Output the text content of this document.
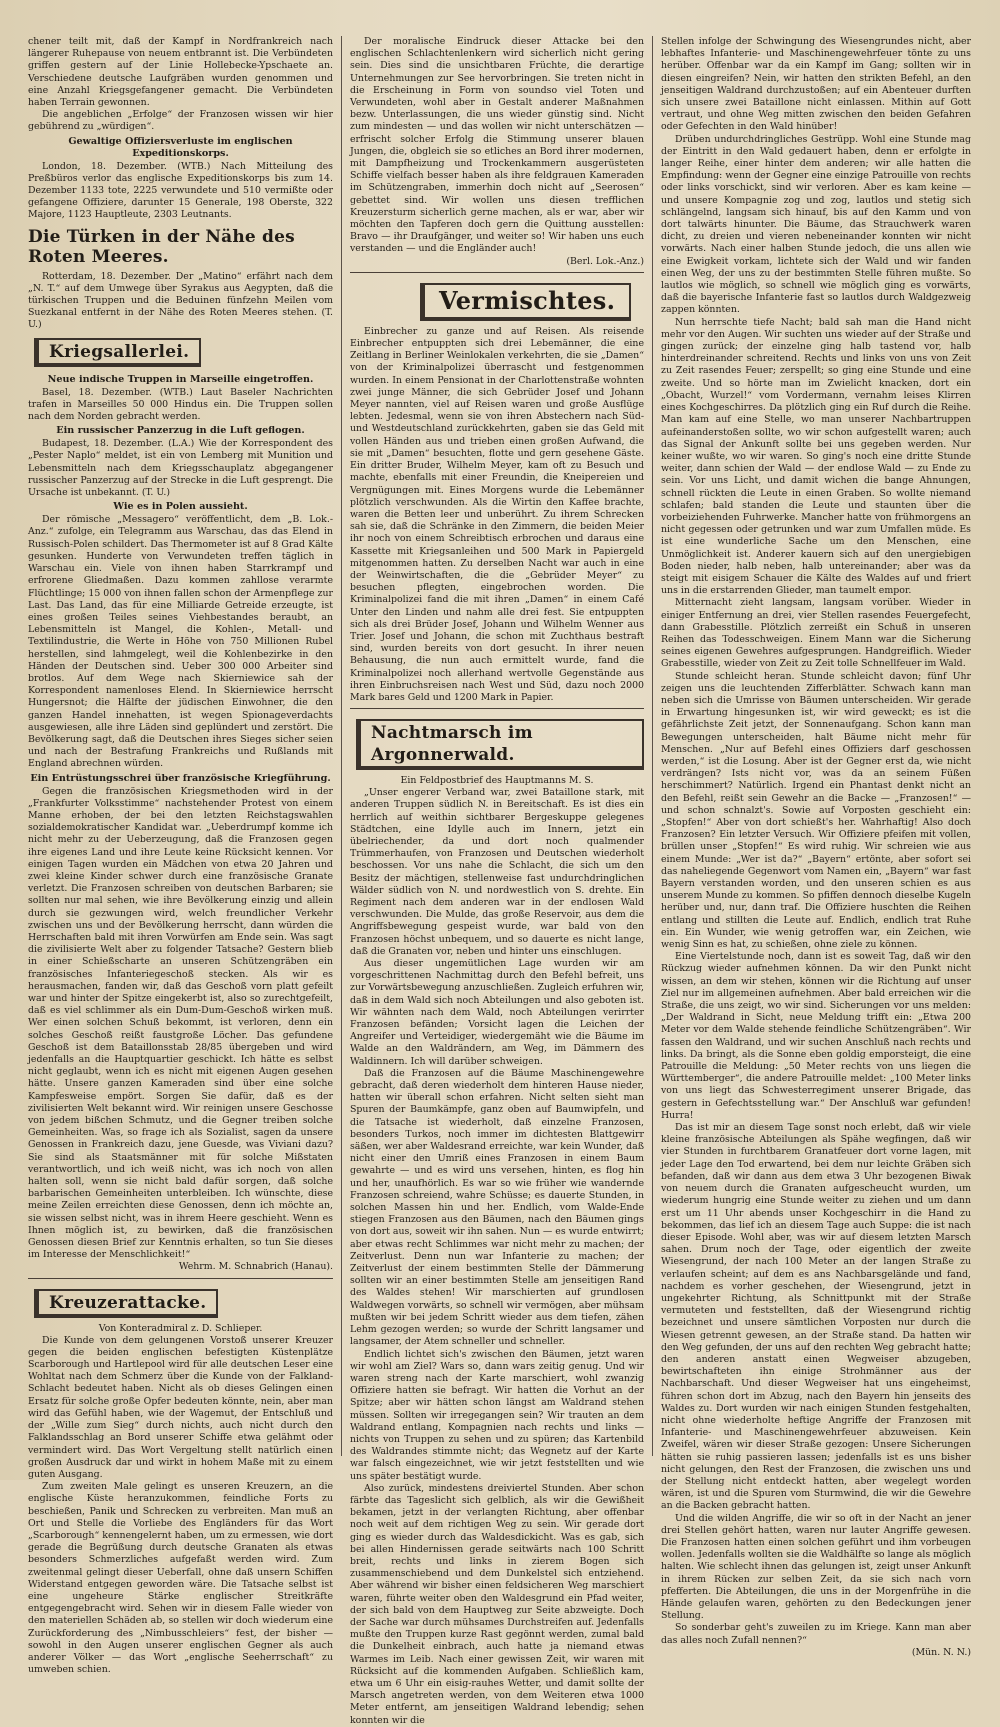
chener teilt mit, daß der Kampf in Nordfrankreich nach längerer Ruhepause von neuem entbrannt ist. Die Verbündeten griffen gestern auf der Linie Hollebecke-Ypschaete an. Verschiedene deutsche Laufgräben wurden genommen und eine Anzahl Kriegsgefangener gemacht. Die Verbündeten haben Terrain gewonnen.

Die angeblichen „Erfolge“ der Franzosen wissen wir hier gebührend zu „würdigen“.

Gewaltige Offiziersverluste im englischen Expeditionskorps.

London, 18. Dezember. (WTB.) Nach Mitteilung des Preßbüros verlor das englische Expeditionskorps bis zum 14. Dezember 1133 tote, 2225 verwundete und 510 vermißte oder gefangene Offiziere, darunter 15 Generale, 198 Oberste, 322 Majore, 1123 Hauptleute, 2303 Leutnants.

Die Türken in der Nähe des Roten Meeres.

Rotterdam, 18. Dezember. Der „Matino“ erfährt nach dem „N. T.“ auf dem Umwege über Syrakus aus Aegypten, daß die türkischen Truppen und die Beduinen fünfzehn Meilen vom Suezkanal entfernt in der Nähe des Roten Meeres stehen. (T. U.)

Kriegsallerlei.
Neue indische Truppen in Marseille eingetroffen.

Basel, 18. Dezember. (WTB.) Laut Baseler Nachrichten trafen in Marseilles 50 000 Hindus ein. Die Truppen sollen nach dem Norden gebracht werden.

Ein russischer Panzerzug in die Luft geflogen.

Budapest, 18. Dezember. (L.A.) Wie der Korrespondent des „Pester Naplo“ meldet, ist ein von Lemberg mit Munition und Lebensmitteln nach dem Kriegsschauplatz abgegangener russischer Panzerzug auf der Strecke in die Luft gesprengt. Die Ursache ist unbekannt. (T. U.)

Wie es in Polen aussieht.

Der römische „Messagero“ veröffentlicht, dem „B. Lok.-Anz.“ zufolge, ein Telegramm aus Warschau, das das Elend in Russisch-Polen schildert. Das Thermometer ist auf 8 Grad Kälte gesunken. Hunderte von Verwundeten treffen täglich in Warschau ein. Viele von ihnen haben Starrkrampf und erfrorene Gliedmaßen. Dazu kommen zahllose verarmte Flüchtlinge; 15 000 von ihnen fallen schon der Armenpflege zur Last. Das Land, das für eine Milliarde Getreide erzeugte, ist eines großen Teiles seines Viehbestandes beraubt, an Lebensmitteln ist Mangel, die Kohlen-, Metall- und Textilindustrie, die Werte in Höhe von 750 Millionen Rubel herstellen, sind lahmgelegt, weil die Kohlenbezirke in den Händen der Deutschen sind. Ueber 300 000 Arbeiter sind brotlos. Auf dem Wege nach Skierniewice sah der Korrespondent namenloses Elend. In Skierniewice herrscht Hungersnot; die Hälfte der jüdischen Einwohner, die den ganzen Handel innehatten, ist wegen Spionageverdachts ausgewiesen, alle ihre Läden sind geplündert und zerstört. Die Bevölkerung sagt, daß die Deutschen ihres Sieges sicher seien und nach der Bestrafung Frankreichs und Rußlands mit England abrechnen würden.

Ein Entrüstungsschrei über französische Kriegführung.

Gegen die französischen Kriegsmethoden wird in der „Frankfurter Volksstimme“ nachstehender Protest von einem Manne erhoben, der bei den letzten Reichstagswahlen sozialdemokratischer Kandidat war. „Ueberdrumpf komme ich nicht mehr zu der Ueberzeugung, daß die Franzosen gegen ihre eigenes Land und ihre Leute keine Rücksicht kennen. Vor einigen Tagen wurden ein Mädchen von etwa 20 Jahren und zwei kleine Kinder schwer durch eine französische Granate verletzt. Die Franzosen schreiben von deutschen Barbaren; sie sollten nur mal sehen, wie ihre Bevölkerung einzig und allein durch sie gezwungen wird, welch freundlicher Verkehr zwischen uns und der Bevölkerung herrscht, dann würden die Herrschaften bald mit ihren Vorwürfen am Ende sein. Was sagt die zivilisierte Welt aber zu folgender Tatsache? Gestern blieb in einer Schießscharte an unseren Schützengräben ein französisches Infanteriegeschoß stecken. Als wir es herausmachen, fanden wir, daß das Geschoß vorn platt gefeilt war und hinter der Spitze eingekerbt ist, also so zurechtgefeilt, daß es viel schlimmer als ein Dum-Dum-Geschoß wirken muß. Wer einen solchen Schuß bekommt, ist verloren, denn ein solches Geschoß reißt faustgroße Löcher. Das gefundene Geschoß ist dem Bataillonsstab 28/85 übergeben und wird jedenfalls an die Hauptquartier geschickt. Ich hätte es selbst nicht geglaubt, wenn ich es nicht mit eigenen Augen gesehen hätte. Unsere ganzen Kameraden sind über eine solche Kampfesweise empört. Sorgen Sie dafür, daß es der zivilisierten Welt bekannt wird. Wir reinigen unsere Geschosse von jedem bißchen Schmutz, und die Gegner treiben solche Gemeinheiten. Was, so frage ich als Sozialist, sagen da unsere Genossen in Frankreich dazu, jene Guesde, was Viviani dazu? Sie sind als Staatsmänner mit für solche Mißstaten verantwortlich, und ich weiß nicht, was ich noch von allen halten soll, wenn sie nicht bald dafür sorgen, daß solche barbarischen Gemeinheiten unterbleiben. Ich wünschte, diese meine Zeilen erreichten diese Genossen, denn ich möchte an, sie wissen selbst nicht, was in ihrem Heere geschieht. Wenn es Ihnen möglich ist, zu bewirken, daß die französischen Genossen diesen Brief zur Kenntnis erhalten, so tun Sie dieses im Interesse der Menschlichkeit!“

Wehrm. M. Schnabrich (Hanau).

Kreuzerattacke.
Von Konteradmiral z. D. Schlieper.

Die Kunde von dem gelungenen Vorstoß unserer Kreuzer gegen die beiden englischen befestigten Küstenplätze Scarborough und Hartlepool wird für alle deutschen Leser eine Wohltat nach dem Schmerz über die Kunde von der Falkland-Schlacht bedeutet haben. Nicht als ob dieses Gelingen einen Ersatz für solche große Opfer bedeuten könnte, nein, aber man wird das Gefühl haben, wie der Wagemut, der Entschluß und der „Wille zum Sieg“ durch nichts, auch nicht durch den Falklandsschlag an Bord unserer Schiffe etwa gelähmt oder vermindert wird. Das Wort Vergeltung stellt natürlich einen großen Ausdruck dar und wirkt in hohem Maße mit zu einem guten Ausgang.

Zum zweiten Male gelingt es unseren Kreuzern, an die englische Küste heranzukommen, feindliche Forts zu beschießen, Panik und Schrecken zu verbreiten. Man muß an Ort und Stelle die Vorliebe des Engländers für das Wort „Scarborough“ kennengelernt haben, um zu ermessen, wie dort gerade die Begrüßung durch deutsche Granaten als etwas besonders Schmerzliches aufgefaßt werden wird. Zum zweitenmal gelingt dieser Ueberfall, ohne daß unsern Schiffen Widerstand entgegen geworden wäre. Die Tatsache selbst ist eine ungeheure Stärke englischer Streitkräfte entgegengebracht wird. Sehen wir in diesem Falle wieder von den materiellen Schäden ab, so stellen wir doch wiederum eine Zurückforderung des „Nimbusschleiers“ fest, der bisher — sowohl in den Augen unserer englischen Gegner als auch anderer Völker — das Wort „englische Seeherrschaft“ zu umweben schien.

Der moralische Eindruck dieser Attacke bei den englischen Schlachtenlenkern wird sicherlich nicht gering sein. Dies sind die unsichtbaren Früchte, die derartige Unternehmungen zur See hervorbringen. Sie treten nicht in die Erscheinung in Form von soundso viel Toten und Verwundeten, wohl aber in Gestalt anderer Maßnahmen bezw. Unterlassungen, die uns wieder günstig sind. Nicht zum mindesten — und das wollen wir nicht unterschätzen — erfrischt solcher Erfolg die Stimmung unserer blauen Jungen, die, obgleich sie so etliches an Bord ihrer modernen, mit Dampfheizung und Trockenkammern ausgerüsteten Schiffe vielfach besser haben als ihre feldgrauen Kameraden im Schützengraben, immerhin doch nicht auf „Seerosen“ gebettet sind. Wir wollen uns diesen trefflichen Kreuzersturm sicherlich gerne machen, als er war, aber wir möchten den Tapferen doch gern die Quittung ausstellen: Bravo — ihr Draufgänger, und weiter so! Wir haben uns euch verstanden — und die Engländer auch!

(Berl. Lok.-Anz.)

Vermischtes.

Einbrecher zu ganze und auf Reisen. Als reisende Einbrecher entpuppten sich drei Lebemänner, die eine Zeitlang in Berliner Weinlokalen verkehrten, die sie „Damen“ von der Kriminalpolizei überrascht und festgenommen wurden. In einem Pensionat in der Charlottenstraße wohnten zwei junge Männer, die sich Gebrüder Josef und Johann Meyer nannten, viel auf Reisen waren und große Ausflüge lebten. Jedesmal, wenn sie von ihren Abstechern nach Süd- und Westdeutschland zurückkehrten, gaben sie das Geld mit vollen Händen aus und trieben einen großen Aufwand, die sie mit „Damen“ besuchten, flotte und gern gesehene Gäste. Ein dritter Bruder, Wilhelm Meyer, kam oft zu Besuch und machte, ebenfalls mit einer Freundin, die Kneipereien und Vergnügungen mit. Eines Morgens wurde die Lebemänner plötzlich verschwunden. Als die Wirtin den Kaffee brachte, waren die Betten leer und unberührt. Zu ihrem Schrecken sah sie, daß die Schränke in den Zimmern, die beiden Meier ihr noch von einem Schreibtisch erbrochen und daraus eine Kassette mit Kriegsanleihen und 500 Mark in Papiergeld mitgenommen hatten. Zu derselben Nacht war auch in eine der Weinwirtschaften, die die „Gebrüder Meyer“ zu besuchen pflegten, eingebrochen worden. Die Kriminalpolizei fand die mit ihren „Damen“ in einem Café Unter den Linden und nahm alle drei fest. Sie entpuppten sich als drei Brüder Josef, Johann und Wilhelm Wenner aus Trier. Josef und Johann, die schon mit Zuchthaus bestraft sind, wurden bereits von dort gesucht. In ihrer neuen Behausung, die nun auch ermittelt wurde, fand die Kriminalpolizei noch allerhand wertvolle Gegenstände aus ihren Einbruchsreisen nach West und Süd, dazu noch 2000 Mark bares Geld und 1200 Mark in Papier.

Nachtmarsch im Argonnerwald.
Ein Feldpostbrief des Hauptmanns M. S.

„Unser engerer Verband war, zwei Bataillone stark, mit anderen Truppen südlich N. in Bereitschaft. Es ist dies ein herrlich auf weithin sichtbarer Bergeskuppe gelegenes Städtchen, eine Idylle auch im Innern, jetzt ein übelriechender, da und dort noch qualmender Trümmerhaufen, von Franzosen und Deutschen wiederholt beschossen. Vor uns nahe die Schlacht, die sich um den Besitz der mächtigen, stellenweise fast undurchdringlichen Wälder südlich von N. und nordwestlich von S. drehte. Ein Regiment nach dem anderen war in der endlosen Wald verschwunden. Die Mulde, das große Reservoir, aus dem die Angriffsbewegung gespeist wurde, war bald von den Franzosen höchst unbequem, und so dauerte es nicht lange, daß die Granaten vor, neben und hinter uns einschlugen.

Aus dieser ungemütlichen Lage wurden wir am vorgeschrittenen Nachmittag durch den Befehl befreit, uns zur Vorwärtsbewegung anzuschließen. Zugleich erfuhren wir, daß in dem Wald sich noch Abteilungen und also geboten ist. Wir wähnten nach dem Wald, noch Abteilungen verirrter Franzosen befänden; Vorsicht lagen die Leichen der Angreifer und Verteidiger, wiedergemäht wie die Bäume im Walde an den Waldrändern, am Weg, im Dämmern des Waldinnern. Ich will darüber schweigen.

Daß die Franzosen auf die Bäume Maschinengewehre gebracht, daß deren wiederholt dem hinteren Hause nieder, hatten wir überall schon erfahren. Nicht selten sieht man Spuren der Baumkämpfe, ganz oben auf Baumwipfeln, und die Tatsache ist wiederholt, daß einzelne Franzosen, besonders Turkos, noch immer im dichtesten Blattgewirr säßen, wer aber Waldesrand erreichte, war kein Wunder, daß nicht einer den Umriß eines Franzosen in einem Baum gewahrte — und es wird uns versehen, hinten, es flog hin und her, unaufhörlich. Es war so wie früher wie wandernde Franzosen schreiend, wahre Schüsse; es dauerte Stunden, in solchen Massen hin und her. Endlich, vom Walde-Ende stiegen Franzosen aus den Bäumen, nach den Bäumen gings von dort aus, soweit wir ihn sahen. Nun — es wurde entwirrt; aber etwas recht Schlimmes war nicht mehr zu machen; der Zeitverlust. Denn nun war Infanterie zu machen; der Zeitverlust der einem bestimmten Stelle der Dämmerung sollten wir an einer bestimmten Stelle am jenseitigen Rand des Waldes stehen! Wir marschierten auf grundlosen Waldwegen vorwärts, so schnell wir vermögen, aber mühsam mußten wir bei jedem Schritt wieder aus dem tiefen, zähen Lehm gezogen werden; so wurde der Schritt langsamer und langsamer, der Atem schneller und schneller.

Endlich lichtet sich's zwischen den Bäumen, jetzt waren wir wohl am Ziel? Wars so, dann wars zeitig genug. Und wir waren streng nach der Karte marschiert, wohl zwanzig Offiziere hatten sie befragt. Wir hatten die Vorhut an der Spitze; aber wir hätten schon längst am Waldrand stehen müssen. Sollten wir irregegangen sein? Wir trauten an dem Waldrand entlang, Kompagnien nach rechts und links — nichts von Truppen zu sehen und zu spüren; das Kartenbild des Waldrandes stimmte nicht; das Wegnetz auf der Karte war falsch eingezeichnet, wie wir jetzt feststellten und wie uns später bestätigt wurde.

Also zurück, mindestens dreiviertel Stunden. Aber schon färbte das Tageslicht sich gelblich, als wir die Gewißheit bekamen, jetzt in der verlangten Richtung, aber offenbar noch weit auf dem richtigen Weg zu sein. Wir gerade dort ging es wieder durch das Waldesdickicht. Was es gab, sich bei allen Hindernissen gerade seitwärts nach 100 Schritt breit, rechts und links in zierem Bogen sich zusammenschiebend und dem Dunkelstel sich entziehend. Aber während wir bisher einen feldsicheren Weg marschiert waren, führte weiter oben den Waldesgrund ein Pfad weiter, der sich bald von dem Hauptweg zur Seite abzweigte. Doch der Sache war durch mühsames Durchstreifen auf. Jedenfalls mußte den Truppen kurze Rast gegönnt werden, zumal bald die Dunkelheit einbrach, auch hatte ja niemand etwas Warmes im Leib. Nach einer gewissen Zeit, wir waren mit Rücksicht auf die kommenden Aufgaben. Schließlich kam, etwa um 6 Uhr ein eisig-rauhes Wetter, und damit sollte der Marsch angetreten werden, von dem Weiteren etwa 1000 Meter entfernt, am jenseitigen Waldrand lebendig; sehen konnten wir die

Stellen infolge der Schwingung des Wiesengrundes nicht, aber lebhaftes Infanterie- und Maschinengewehrfeuer tönte zu uns herüber. Offenbar war da ein Kampf im Gang; sollten wir in diesen eingreifen? Nein, wir hatten den strikten Befehl, an den jenseitigen Waldrand durchzustoßen; auf ein Abenteuer durften sich unsere zwei Bataillone nicht einlassen. Mithin auf Gott vertraut, und ohne Weg mitten zwischen den beiden Gefahren oder Gefechten in den Wald hinüber!

Drüben undurchdringliches Gestrüpp. Wohl eine Stunde mag der Eintritt in den Wald gedauert haben, denn er erfolgte in langer Reihe, einer hinter dem anderen; wir alle hatten die Empfindung: wenn der Gegner eine einzige Patrouille von rechts oder links vorschickt, sind wir verloren. Aber es kam keine — und unsere Kompagnie zog und zog, lautlos und stetig sich schlängelnd, langsam sich hinauf, bis auf den Kamm und von dort talwärts hinunter. Die Bäume, das Strauchwerk waren dicht, zu dreien und vieren nebeneinander konnten wir nicht vorwärts. Nach einer halben Stunde jedoch, die uns allen wie eine Ewigkeit vorkam, lichtete sich der Wald und wir fanden einen Weg, der uns zu der bestimmten Stelle führen mußte. So lautlos wie möglich, so schnell wie möglich ging es vorwärts, daß die bayerische Infanterie fast so lautlos durch Waldgezweig zappen könnten.

Nun herrschte tiefe Nacht; bald sah man die Hand nicht mehr vor den Augen. Wir suchten uns wieder auf der Straße und gingen zurück; der einzelne ging halb tastend vor, halb hinterdreinander schreitend. Rechts und links von uns von Zeit zu Zeit rasendes Feuer; zerspellt; so ging eine Stunde und eine zweite. Und so hörte man im Zwielicht knacken, dort ein „Obacht, Wurzel!“ vom Vordermann, vernahm leises Klirren eines Kochgeschirres. Da plötzlich ging ein Ruf durch die Reihe. Man kam auf eine Stelle, wo man unserer Nachbartruppen aufeinanderstoßen sollte, wo wir schon aufgestellt waren; auch das Signal der Ankunft sollte bei uns gegeben werden. Nur keiner wußte, wo wir waren. So ging's noch eine dritte Stunde weiter, dann schien der Wald — der endlose Wald — zu Ende zu sein. Vor uns Licht, und damit wichen die bange Ahnungen, schnell rückten die Leute in einen Graben. So wollte niemand schlafen; bald standen die Leute und staunten über die vorbeiziehenden Fuhrwerke. Mancher hatte von frühmorgens an nicht gegessen oder getrunken und war zum Umfallen müde. Es ist eine wunderliche Sache um den Menschen, eine Unmöglichkeit ist. Anderer kauern sich auf den unergiebigen Boden nieder, halb neben, halb untereinander; aber was da steigt mit eisigem Schauer die Kälte des Waldes auf und friert uns in die erstarrenden Glieder, man taumelt empor.

Mitternacht zieht langsam, langsam vorüber. Wieder in einiger Entfernung an drei, vier Stellen rasendes Feuergefecht, dann Grabesstille. Plötzlich zerreißt ein Schuß in unseren Reihen das Todesschweigen. Einem Mann war die Sicherung seines eigenen Gewehres aufgesprungen. Handgreiflich. Wieder Grabesstille, wieder von Zeit zu Zeit tolle Schnellfeuer im Wald.

Stunde schleicht heran. Stunde schleicht davon; fünf Uhr zeigen uns die leuchtenden Zifferblätter. Schwach kann man neben sich die Umrisse von Bäumen unterscheiden. Wir gerade in Erwartung hingesunken ist, wir wird geweckt; es ist die gefährlichste Zeit jetzt, der Sonnenaufgang. Schon kann man Bewegungen unterscheiden, halt Bäume nicht mehr für Menschen. „Nur auf Befehl eines Offiziers darf geschossen werden,“ ist die Losung. Aber ist der Gegner erst da, wie nicht verdrängen? Ists nicht vor, was da an seinem Füßen herschimmert? Natürlich. Irgend ein Phantast denkt nicht an den Befehl, reißt sein Gewehr an die Backe — „Franzosen!“ — und schon schnalzt's. Sowie auf Vorposten geschieht ein: „Stopfen!“ Aber von dort schießt's her. Wahrhaftig! Also doch Franzosen? Ein letzter Versuch. Wir Offiziere pfeifen mit vollen, brüllen unser „Stopfen!“ Es wird ruhig. Wir schreien wie aus einem Munde: „Wer ist da?“ „Bayern“ ertönte, aber sofort sei das naheliegende Gegenwort vom Namen ein, „Bayern“ war fast Bayern verstanden worden, und den unseren schien es aus unserem Munde zu kommen. So pfiffen dennoch dieselbe Kugeln herüber und, nur, dann traf. Die Offiziere huschten die Reihen entlang und stillten die Leute auf. Endlich, endlich trat Ruhe ein. Ein Wunder, wie wenig getroffen war, ein Zeichen, wie wenig Sinn es hat, zu schießen, ohne ziele zu können.

Eine Viertelstunde noch, dann ist es soweit Tag, daß wir den Rückzug wieder aufnehmen können. Da wir den Punkt nicht wissen, an dem wir stehen, können wir die Richtung auf unser Ziel nur im allgemeinen aufnehmen. Aber bald erreichen wir die Straße, die uns zeigt, wo wir sind. Sicherungen vor uns melden: „Der Waldrand in Sicht, neue Meldung trifft ein: „Etwa 200 Meter vor dem Walde stehende feindliche Schützengräben“. Wir fassen den Waldrand, und wir suchen Anschluß nach rechts und links. Da bringt, als die Sonne eben goldig emporsteigt, die eine Patrouille die Meldung: „50 Meter rechts von uns liegen die Württemberger“, die andere Patrouille meldet: „100 Meter links von uns liegt das Schwesterregiment unserer Brigade, das gestern in Gefechtsstellung war.“ Der Anschluß war gefunden! Hurra!

Das ist mir an diesem Tage sonst noch erlebt, daß wir viele kleine französische Abteilungen als Spähe wegfingen, daß wir vier Stunden in furchtbarem Granatfeuer dort vorne lagen, mit jeder Lage den Tod erwartend, bei dem nur leichte Gräben sich befanden, daß wir dann aus dem etwa 3 Uhr bezogenen Biwak von neuem durch die Granaten aufgescheucht wurden, um wiederum hungrig eine Stunde weiter zu ziehen und um dann erst um 11 Uhr abends unser Kochgeschirr in die Hand zu bekommen, das lief ich an diesem Tage auch Suppe: die ist nach dieser Episode. Wohl aber, was wir auf diesem letzten Marsch sahen. Drum noch der Tage, oder eigentlich der zweite Wiesengrund, der nach 100 Meter an der langen Straße zu verlaufen scheint; auf dem es ans Nachbarsgelände und fand, nachdem es vorher geschehen, der Wiesengrund, jetzt in ungekehrter Richtung, als Schnittpunkt mit der Straße vermuteten und feststellten, daß der Wiesengrund richtig bezeichnet und unsere sämtlichen Vorposten nur durch die Wiesen getrennt gewesen, an der Straße stand. Da hatten wir den Weg gefunden, der uns auf den rechten Weg gebracht hatte; den anderen anstatt einen Wegweiser abzugeben, bewirtschafteten ihn einige Strohmänner aus der Nachbarschaft. Und dieser Wegweiser hat uns eingeheimst, führen schon dort im Abzug, nach den Bayern hin jenseits des Waldes zu. Dort wurden wir nach einigen Stunden festgehalten, nicht ohne wiederholte heftige Angriffe der Franzosen mit Infanterie- und Maschinengewehrfeuer abzuweisen. Kein Zweifel, wären wir dieser Straße gezogen: Unsere Sicherungen hätten sie ruhig passieren lassen; jedenfalls ist es uns bisher nicht gelungen, den Rest der Franzosen, die zwischen uns und der Stellung nicht entdeckt hatten, aber wegelegt worden wären, ist und die Spuren vom Sturmwind, die wir die Gewehre an die Backen gebracht hatten.

Und die wilden Angriffe, die wir so oft in der Nacht an jener drei Stellen gehört hatten, waren nur lauter Angriffe gewesen. Die Franzosen hatten einen solchen geführt und ihm vorbeugen wollen. Jedenfalls wollten sie die Waldhälfte so lange als möglich halten. Wie schlecht ihnen das gelungen ist, zeigt unser Ankunft in ihrem Rücken zur selben Zeit, da sie sich nach vorn pfefferten. Die Abteilungen, die uns in der Morgenfrühe in die Hände gelaufen waren, gehörten zu den Bedeckungen jener Stellung.

So sonderbar geht's zuweilen zu im Kriege. Kann man aber das alles noch Zufall nennen?“

(Mün. N. N.)
